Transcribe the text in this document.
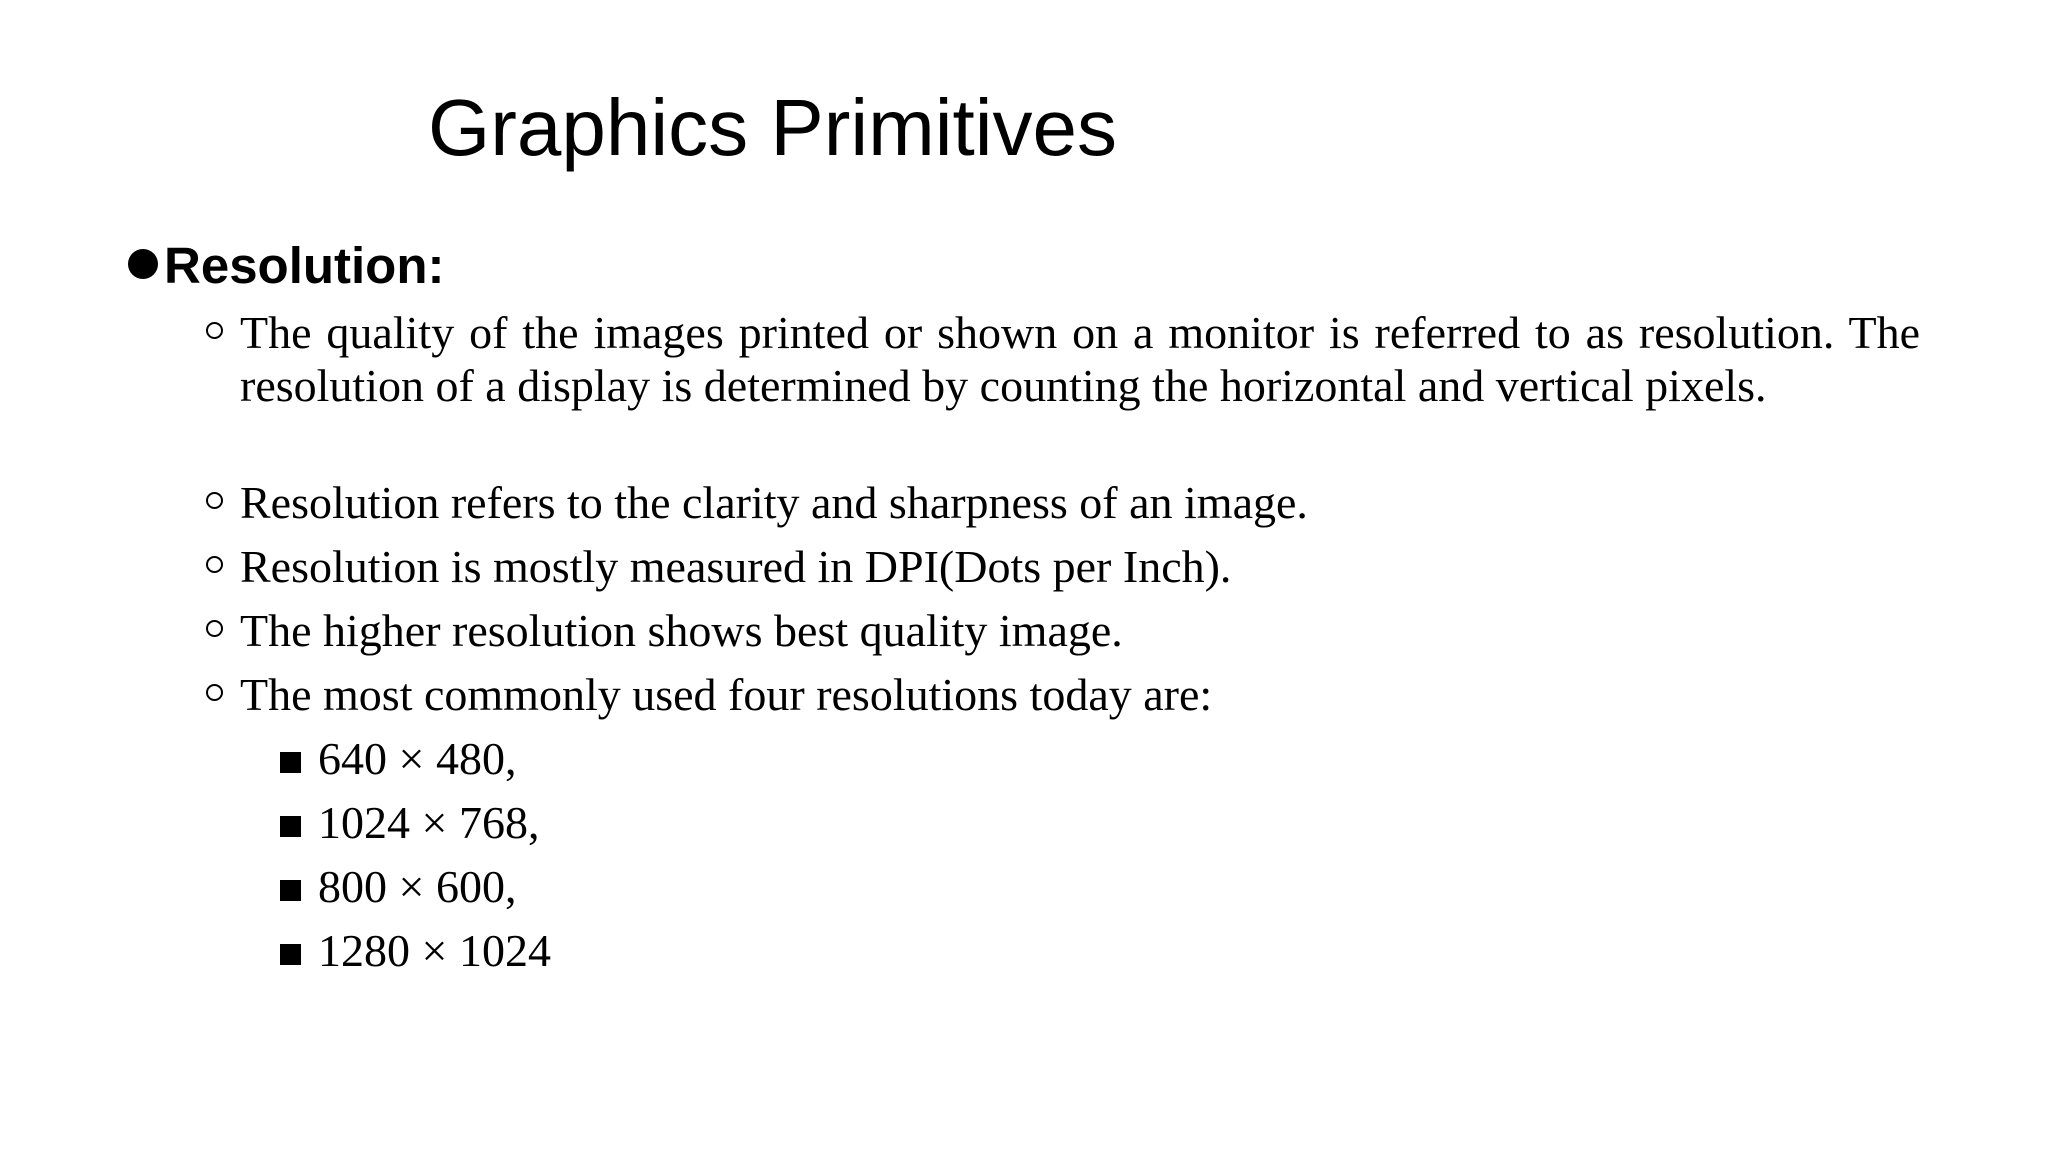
Graphics Primitives
Resolution:
The quality of the images printed or shown on a monitor is referred to as resolution. The resolution of a display is determined by counting the horizontal and vertical pixels.
Resolution refers to the clarity and sharpness of an image.
Resolution is mostly measured in DPI(Dots per Inch).
The higher resolution shows best quality image.
The most commonly used four resolutions today are:
640 × 480,
1024 × 768,
800 × 600,
1280 × 1024
